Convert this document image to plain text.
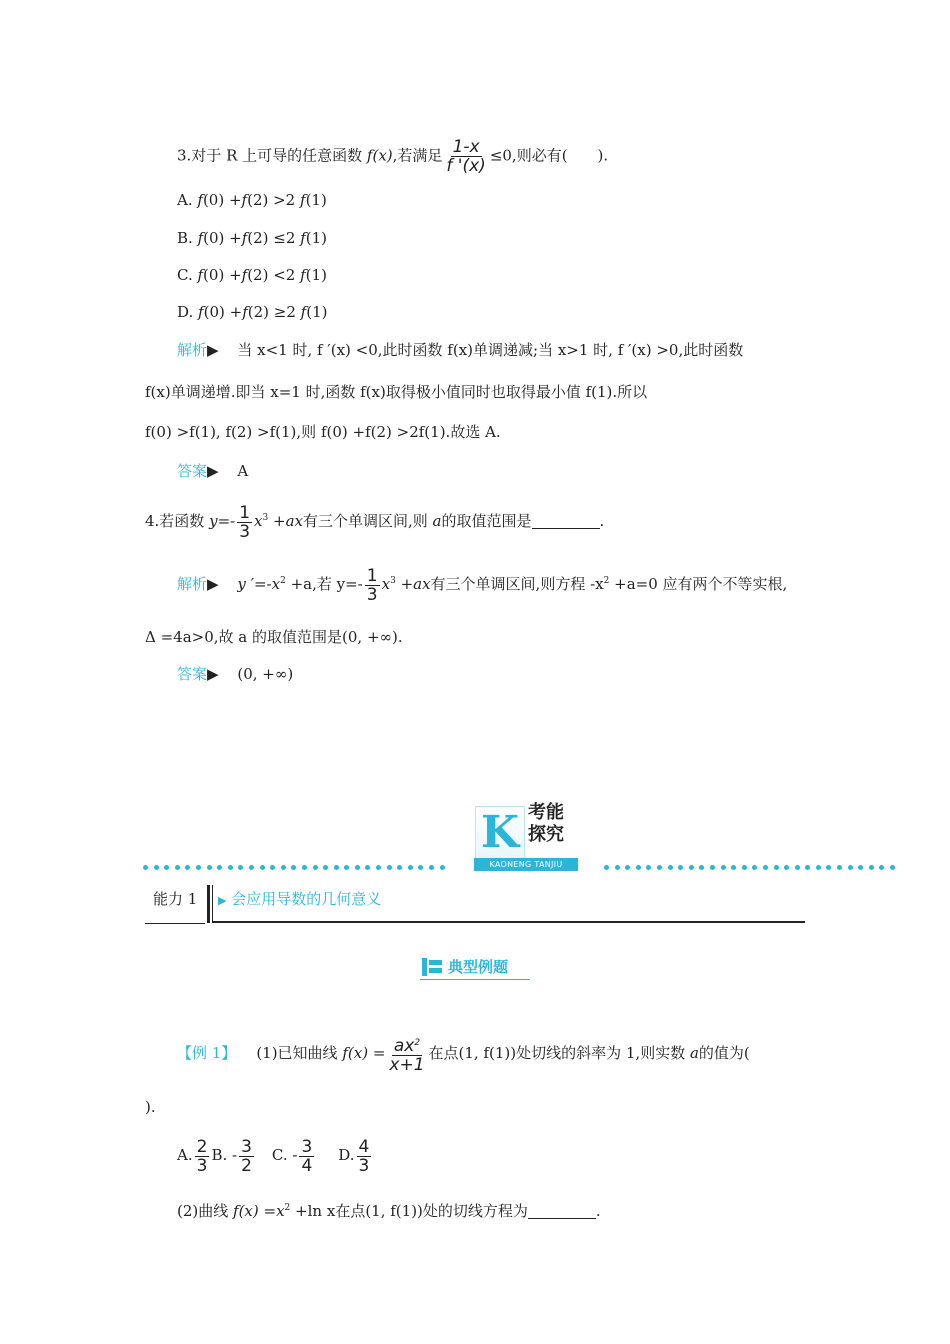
3.对于 R 上可导的任意函数 f(x),若满足 $\frac{1-x}{f '(x)} \le 0$,则必有( ).
A. f(0) +f(2) >2 f(1)
B. f(0) +f(2) ≤2 f(1)
C. f(0) +f(2) <2 f(1)
D. f(0) +f(2) ≥2 f(1)
解析▶ 当 x<1 时, f ′(x) <0,此时函数 f(x)单调递减;当 x>1 时, f ′(x) >0,此时函数
f(x)单调递增.即当 x=1 时,函数 f(x)取得极小值同时也取得最小值 f(1).所以
f(0) >f(1), f(2) >f(1),则 f(0) +f(2) >2f(1).故选 A.
答案▶ A
4.若函数 $y=- \frac{1}{3} x^3 +ax$有三个单调区间,则 a的取值范围是	.
解析▶ y $'=-x^2 +a$,若 $y=- \frac{1}{3} x^3 +ax$有三个单调区间,则方程 $-x^2 +a=0$ 应有两个不等实根,
Δ =4a>0,故 a 的取值范围是(0, +∞).
答案▶ (0, +∞)
K 考能
探究
KAONENG TANJIU
能力 1 ▶ 会应用导数的几何意义
典型例题
【例 1】 (1)已知曲线 $f(x) = \frac{ax^2}{x+1}$ 在点(1, f(1))处切线的斜率为 1,则实数 a的值为(
).
A. $\frac{2}{3} B$. - $\frac{3}{2} C$. - $\frac{3}{4} D$. $\frac{4}{3}$
(2)曲线 $f(x) =x^2 +\ln$ x在点(1, f(1))处的切线方程为	.
